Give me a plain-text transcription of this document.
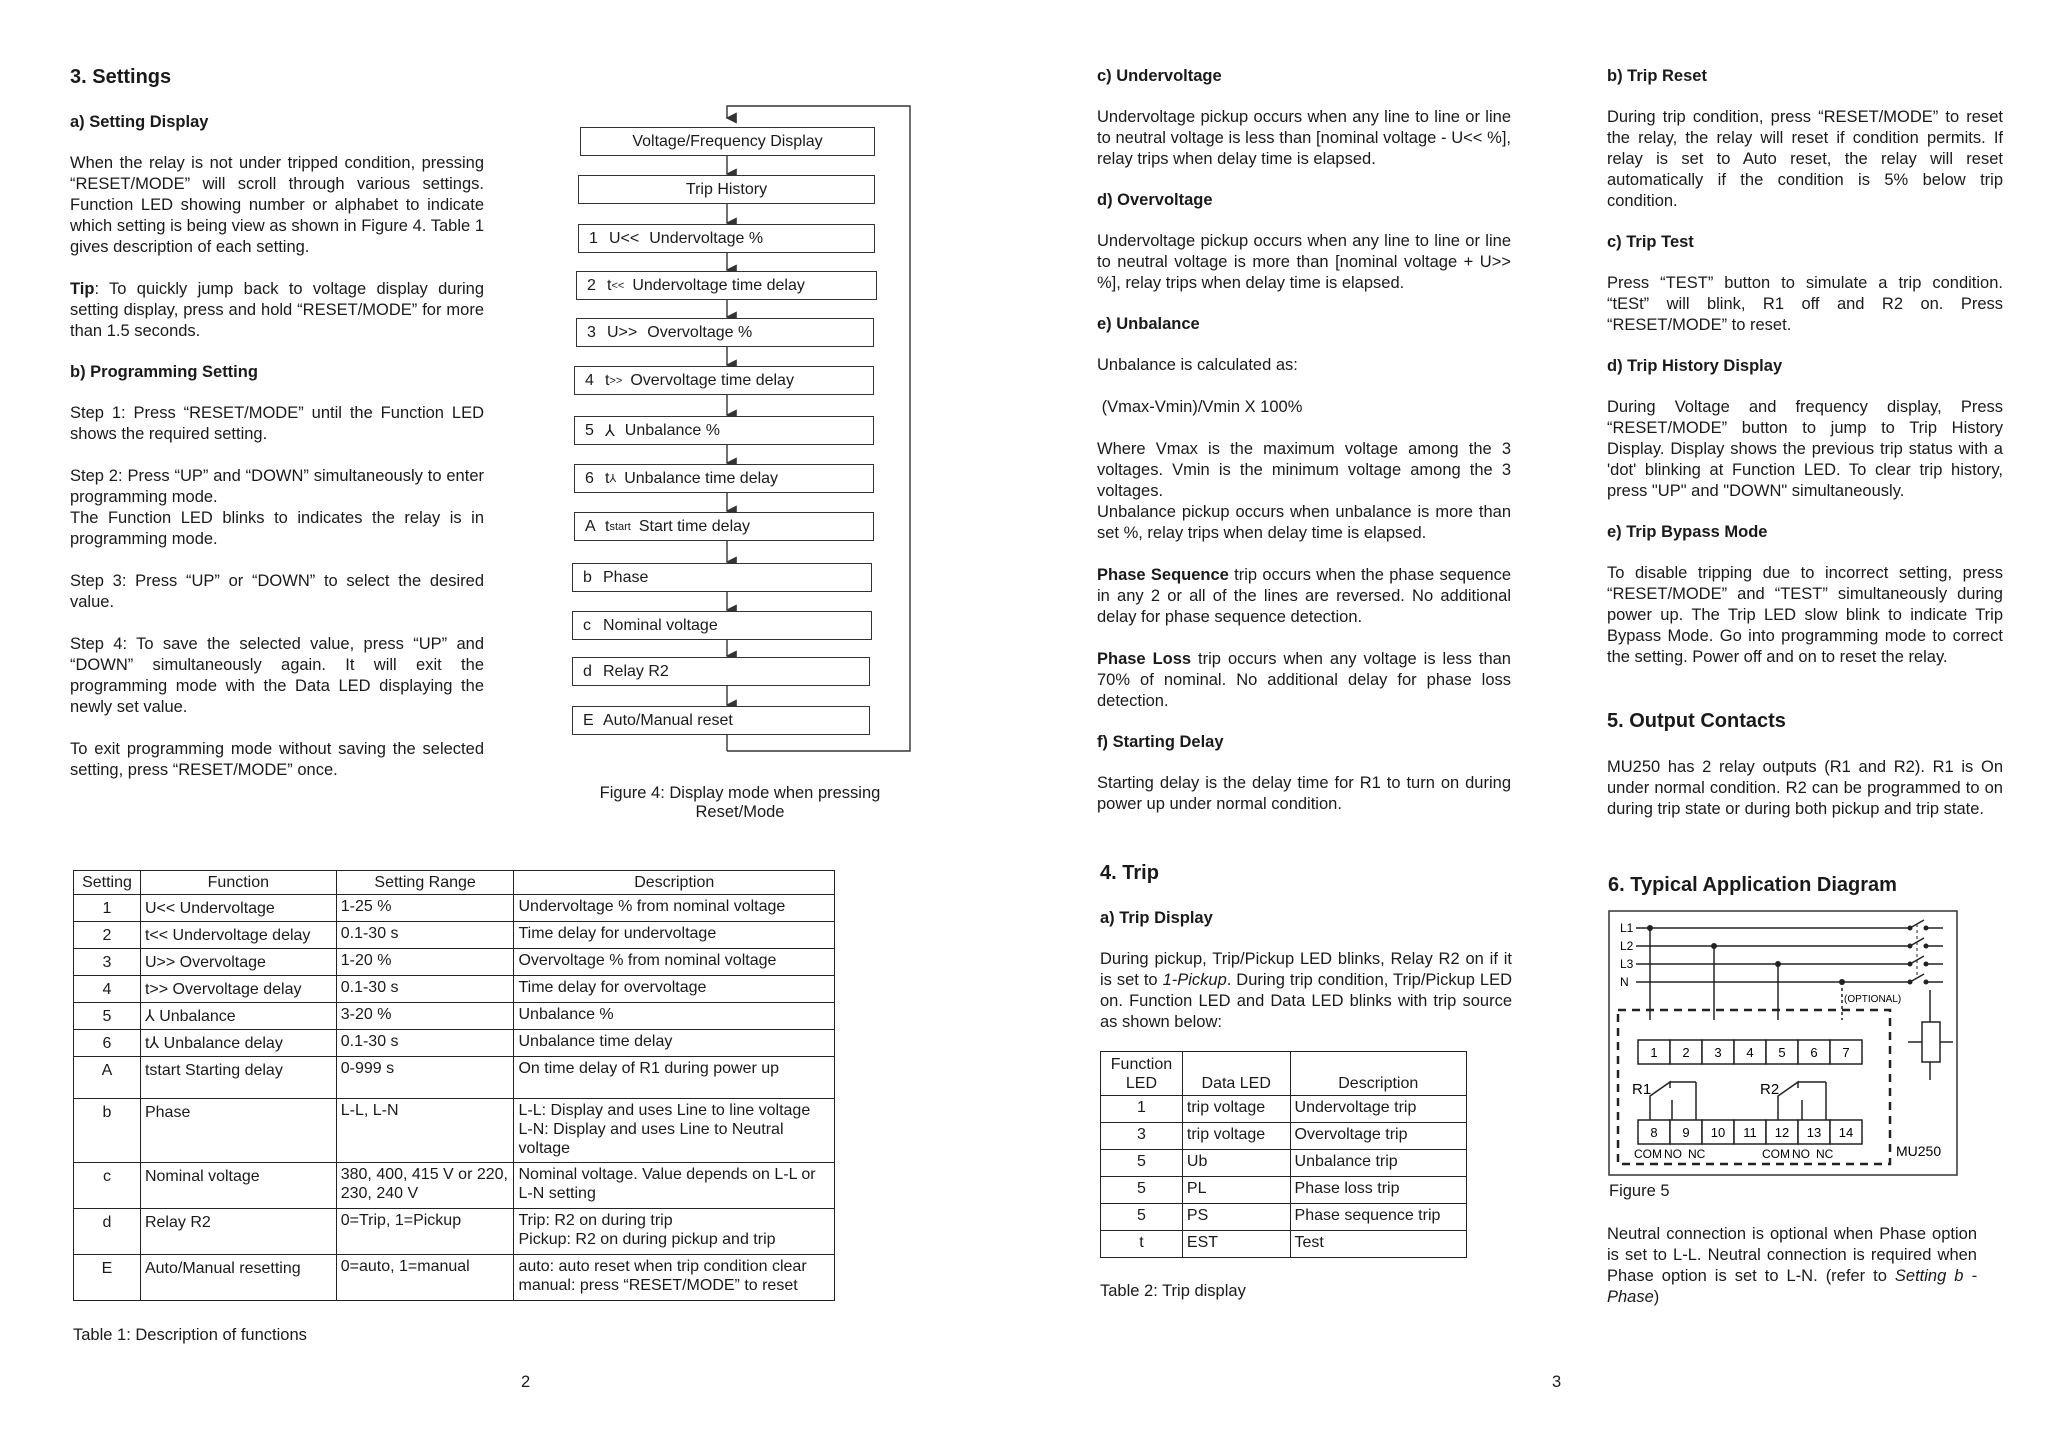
3. Settings
a) Setting Display
When the relay is not under tripped condition, pressing “RESET/MODE” will scroll through various settings. Function LED showing number or alphabet to indicate which setting is being view as shown in Figure 4. Table 1 gives description of each setting.
Tip: To quickly jump back to voltage display during setting display, press and hold “RESET/MODE” for more than 1.5 seconds.
b) Programming Setting
Step 1: Press “RESET/MODE” until the Function LED shows the required setting.
Step 2: Press “UP” and “DOWN” simultaneously to enter programming mode.
The Function LED blinks to indicates the relay is in programming mode.
Step 3: Press “UP” or “DOWN” to select the desired value.
Step 4: To save the selected value, press “UP” and “DOWN” simultaneously again. It will exit the programming mode with the Data LED displaying the newly set value.
To exit programming mode without saving the selected setting, press “RESET/MODE” once.
Voltage/Frequency Display
Trip History
1 U<< Undervoltage %
2 t << Undervoltage time delay
3 U>> Overvoltage %
4 t >> Overvoltage time delay
5 ⅄ Unbalance %
6 t ⅄ Unbalance time delay
A t start Start time delay
b Phase
c Nominal voltage
d Relay R2
E Auto/Manual reset
Figure 4: Display mode when pressing
Reset/Mode
Setting	Function	Setting Range	Description
1	U<< Undervoltage	1-25 %	Undervoltage % from nominal voltage
2	t<< Undervoltage delay	0.1-30 s	Time delay for undervoltage
3	U>> Overvoltage	1-20 %	Overvoltage % from nominal voltage
4	t>> Overvoltage delay	0.1-30 s	Time delay for overvoltage
5	⅄ Unbalance	3-20 %	Unbalance %
6	t⅄ Unbalance delay	0.1-30 s	Unbalance time delay
A	tstart Starting delay	0-999 s	On time delay of R1 during power up
b	Phase	L-L, L-N	L-L: Display and uses Line to line voltage
L-N: Display and uses Line to Neutral voltage
c	Nominal voltage	380, 400, 415 V or 220, 230, 240 V	Nominal voltage. Value depends on L-L or L-N setting
d	Relay R2	0=Trip, 1=Pickup	Trip: R2 on during trip
Pickup: R2 on during pickup and trip
E	Auto/Manual resetting	0=auto, 1=manual	auto: auto reset when trip condition clear
manual: press “RESET/MODE” to reset
Table 1: Description of functions
2
c) Undervoltage
Undervoltage pickup occurs when any line to line or line to neutral voltage is less than [nominal voltage - U<< %], relay trips when delay time is elapsed.
d) Overvoltage
Undervoltage pickup occurs when any line to line or line to neutral voltage is more than [nominal voltage + U>> %], relay trips when delay time is elapsed.
e) Unbalance
Unbalance is calculated as:
(Vmax-Vmin)/Vmin X 100%
Where Vmax is the maximum voltage among the 3 voltages. Vmin is the minimum voltage among the 3 voltages.
Unbalance pickup occurs when unbalance is more than set %, relay trips when delay time is elapsed.
Phase Sequence trip occurs when the phase sequence in any 2 or all of the lines are reversed. No additional delay for phase sequence detection.
Phase Loss trip occurs when any voltage is less than 70% of nominal. No additional delay for phase loss detection.
f) Starting Delay
Starting delay is the delay time for R1 to turn on during power up under normal condition.
4. Trip
a) Trip Display
During pickup, Trip/Pickup LED blinks, Relay R2 on if it is set to 1-Pickup. During trip condition, Trip/Pickup LED on. Function LED and Data LED blinks with trip source as shown below:
Function
LED	Data LED	Description
1	trip voltage	Undervoltage trip
3	trip voltage	Overvoltage trip
5	Ub	Unbalance trip
5	PL	Phase loss trip
5	PS	Phase sequence trip
t	EST	Test
Table 2: Trip display
b) Trip Reset
During trip condition, press “RESET/MODE” to reset the relay, the relay will reset if condition permits. If relay is set to Auto reset, the relay will reset automatically if the condition is 5% below trip condition.
c) Trip Test
Press “TEST” button to simulate a trip condition. “tESt” will blink, R1 off and R2 on. Press “RESET/MODE” to reset.
d) Trip History Display
During Voltage and frequency display, Press “RESET/MODE” button to jump to Trip History Display. Display shows the previous trip status with a 'dot' blinking at Function LED. To clear trip history, press "UP" and "DOWN" simultaneously.
e) Trip Bypass Mode
To disable tripping due to incorrect setting, press “RESET/MODE” and “TEST” simultaneously during power up. The Trip LED slow blink to indicate Trip Bypass Mode. Go into programming mode to correct the setting. Power off and on to reset the relay.
5. Output Contacts
MU250 has 2 relay outputs (R1 and R2). R1 is On under normal condition. R2 can be programmed to on during trip state or during both pickup and trip state.
6. Typical Application Diagram
L1
L2
L3
N
(OPTIONAL)
1 2 3 4 5 6 7
8 9 10 11 12 13 14
R1	R2
COM NO NC	COM NO NC	MU250
Figure 5
Neutral connection is optional when Phase option is set to L-L. Neutral connection is required when Phase option is set to L-N. (refer to Setting b - Phase)
3
